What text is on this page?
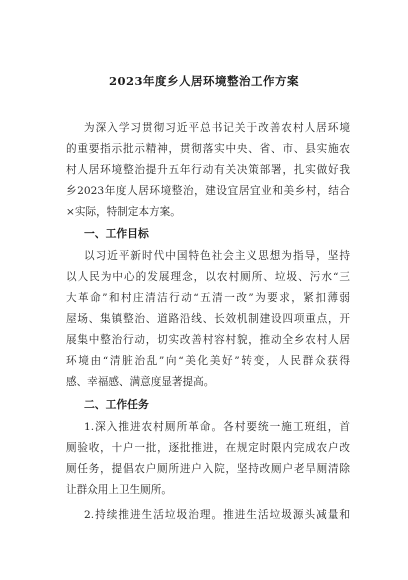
2023年度乡人居环境整治工作方案
为深入学习贯彻习近平总书记关于改善农村人居环境
的重要指示批示精神，贯彻落实中央、省、市、县实施农
村人居环境整治提升五年行动有关决策部署，扎实做好我
乡2023年度人居环境整治，建设宜居宜业和美乡村，结合
×实际，特制定本方案。
一、工作目标
以习近平新时代中国特色社会主义思想为指导，坚持
以人民为中心的发展理念，以农村厕所、垃圾、污水“三
大革命”和村庄清洁行动“五清一改”为要求，紧扣薄弱
屋场、集镇整治、道路沿线、长效机制建设四项重点，开
展集中整治行动，切实改善村容村貌，推动全乡农村人居
环境由“清脏治乱”向“美化美好”转变，人民群众获得
感、幸福感、满意度显著提高。
二、工作任务
1.深入推进农村厕所革命。各村要统一施工班组，首
厕验收，十户一批，逐批推进，在规定时限内完成农户改
厕任务，提倡农户厕所进户入院，坚持改厕户老旱厕清除
让群众用上卫生厕所。
2.持续推进生活垃圾治理。推进生活垃圾源头减量和
